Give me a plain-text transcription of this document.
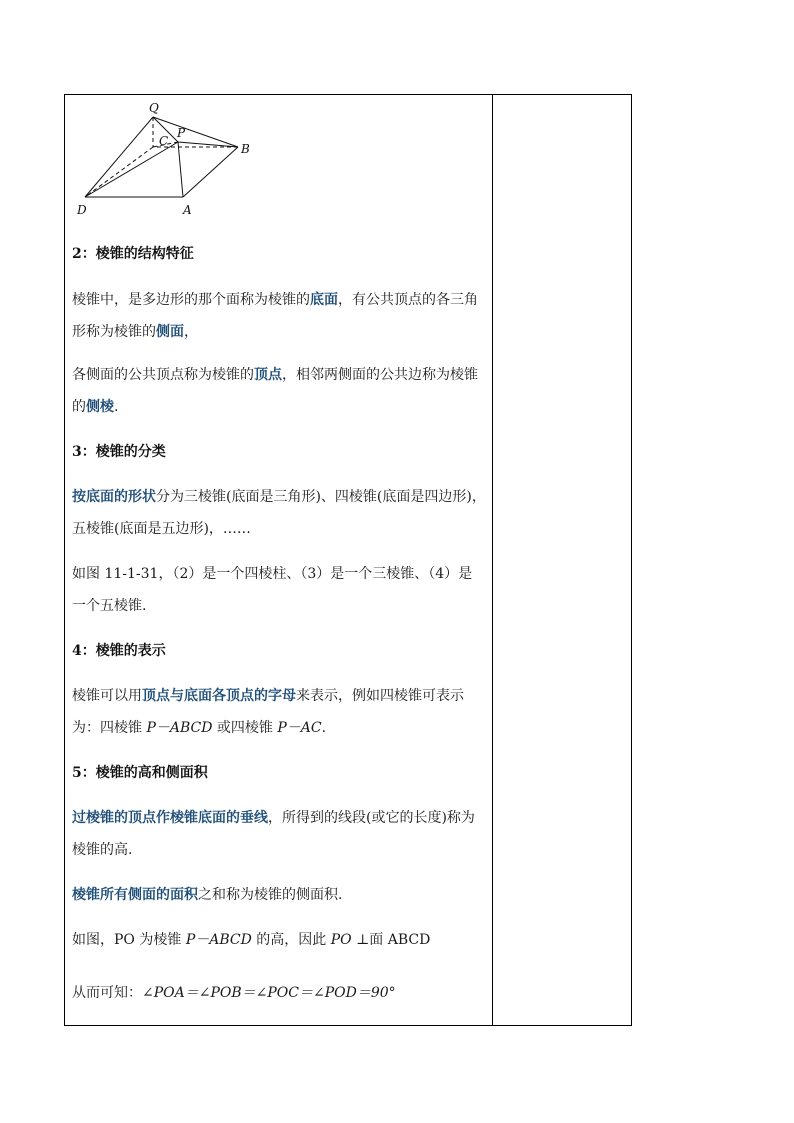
Q
C
P
B
D	A

2：棱锥的结构特征

棱锥中，是多边形的那个面称为棱锥的底面，有公共顶点的各三角形称为棱锥的侧面，

各侧面的公共顶点称为棱锥的顶点，相邻两侧面的公共边称为棱锥的侧棱.

3：棱锥的分类

按底面的形状分为三棱锥(底面是三角形)、四棱锥(底面是四边形)，五棱锥(底面是五边形)，……

如图 11-1-31，（2）是一个四棱柱、（3）是一个三棱锥、（4）是一个五棱锥.

4：棱锥的表示

棱锥可以用顶点与底面各顶点的字母来表示，例如四棱锥可表示为：四棱锥 P－ABCD 或四棱锥 P－AC.

5：棱锥的高和侧面积

过棱锥的顶点作棱锥底面的垂线，所得到的线段(或它的长度)称为棱锥的高.

棱锥所有侧面的面积之和称为棱锥的侧面积.

如图，PO 为棱锥 P－ABCD 的高，因此 PO ⊥面 ABCD

从而可知：∠POA＝∠POB＝∠POC＝∠POD＝90°
